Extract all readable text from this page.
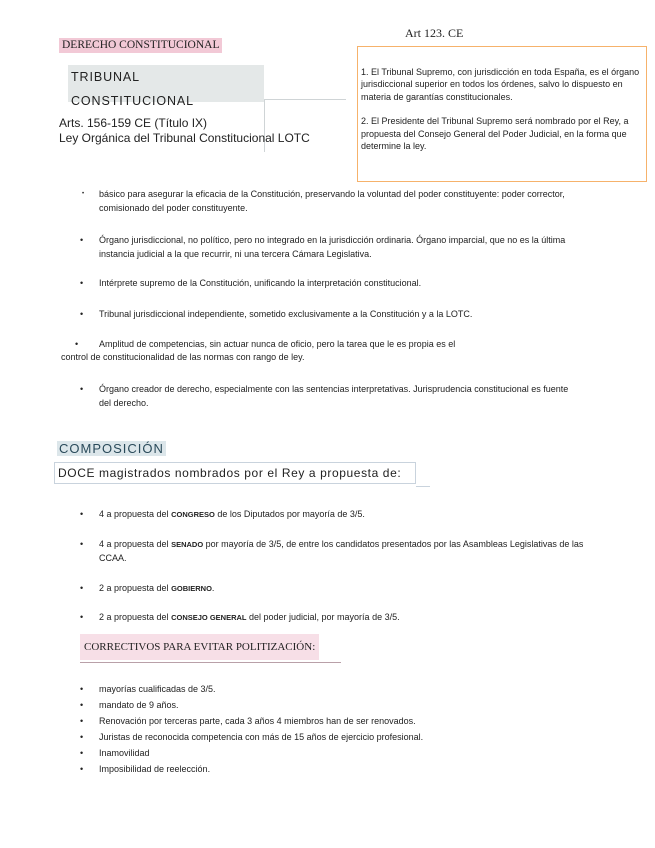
DERECHO CONSTITUCIONAL
Art 123. CE
TRIBUNAL CONSTITUCIONAL
Arts. 156-159 CE (Título IX)
Ley Orgánica del Tribunal Constitucional LOTC

1. El Tribunal Supremo, con jurisdicción en toda España, es el órgano jurisdiccional superior en todos los órdenes, salvo lo dispuesto en materia de garantías constitucionales.

2. El Presidente del Tribunal Supremo será nombrado por el Rey, a propuesta del Consejo General del Poder Judicial, en la forma que determine la ley.

• básico para asegurar la eficacia de la Constitución, preservando la voluntad del poder constituyente: poder corrector, comisionado del poder constituyente.
• Órgano jurisdiccional, no político, pero no integrado en la jurisdicción ordinaria. Órgano imparcial, que no es la última instancia judicial a la que recurrir, ni una tercera Cámara Legislativa.
• Intérprete supremo de la Constitución, unificando la interpretación constitucional.
• Tribunal jurisdiccional independiente, sometido exclusivamente a la Constitución y a la LOTC.
• Amplitud de competencias, sin actuar nunca de oficio, pero la tarea que le es propia es el
control de constitucionalidad de las normas con rango de ley.
• Órgano creador de derecho, especialmente con las sentencias interpretativas. Jurisprudencia constitucional es fuente del derecho.
COMPOSICIÓN
DOCE magistrados nombrados por el Rey a propuesta de:
• 4 a propuesta del CONGRESO de los Diputados por mayoría de 3/5.
• 4 a propuesta del SENADO por mayoría de 3/5, de entre los candidatos presentados por las Asambleas Legislativas de las CCAA.
• 2 a propuesta del GOBIERNO.
• 2 a propuesta del CONSEJO GENERAL del poder judicial, por mayoría de 3/5.
CORRECTIVOS PARA EVITAR POLITIZACIÓN:
• mayorías cualificadas de 3/5.
• mandato de 9 años.
• Renovación por terceras parte, cada 3 años 4 miembros han de ser renovados.
• Juristas de reconocida competencia con más de 15 años de ejercicio profesional.
• Inamovilidad
• Imposibilidad de reelección.
